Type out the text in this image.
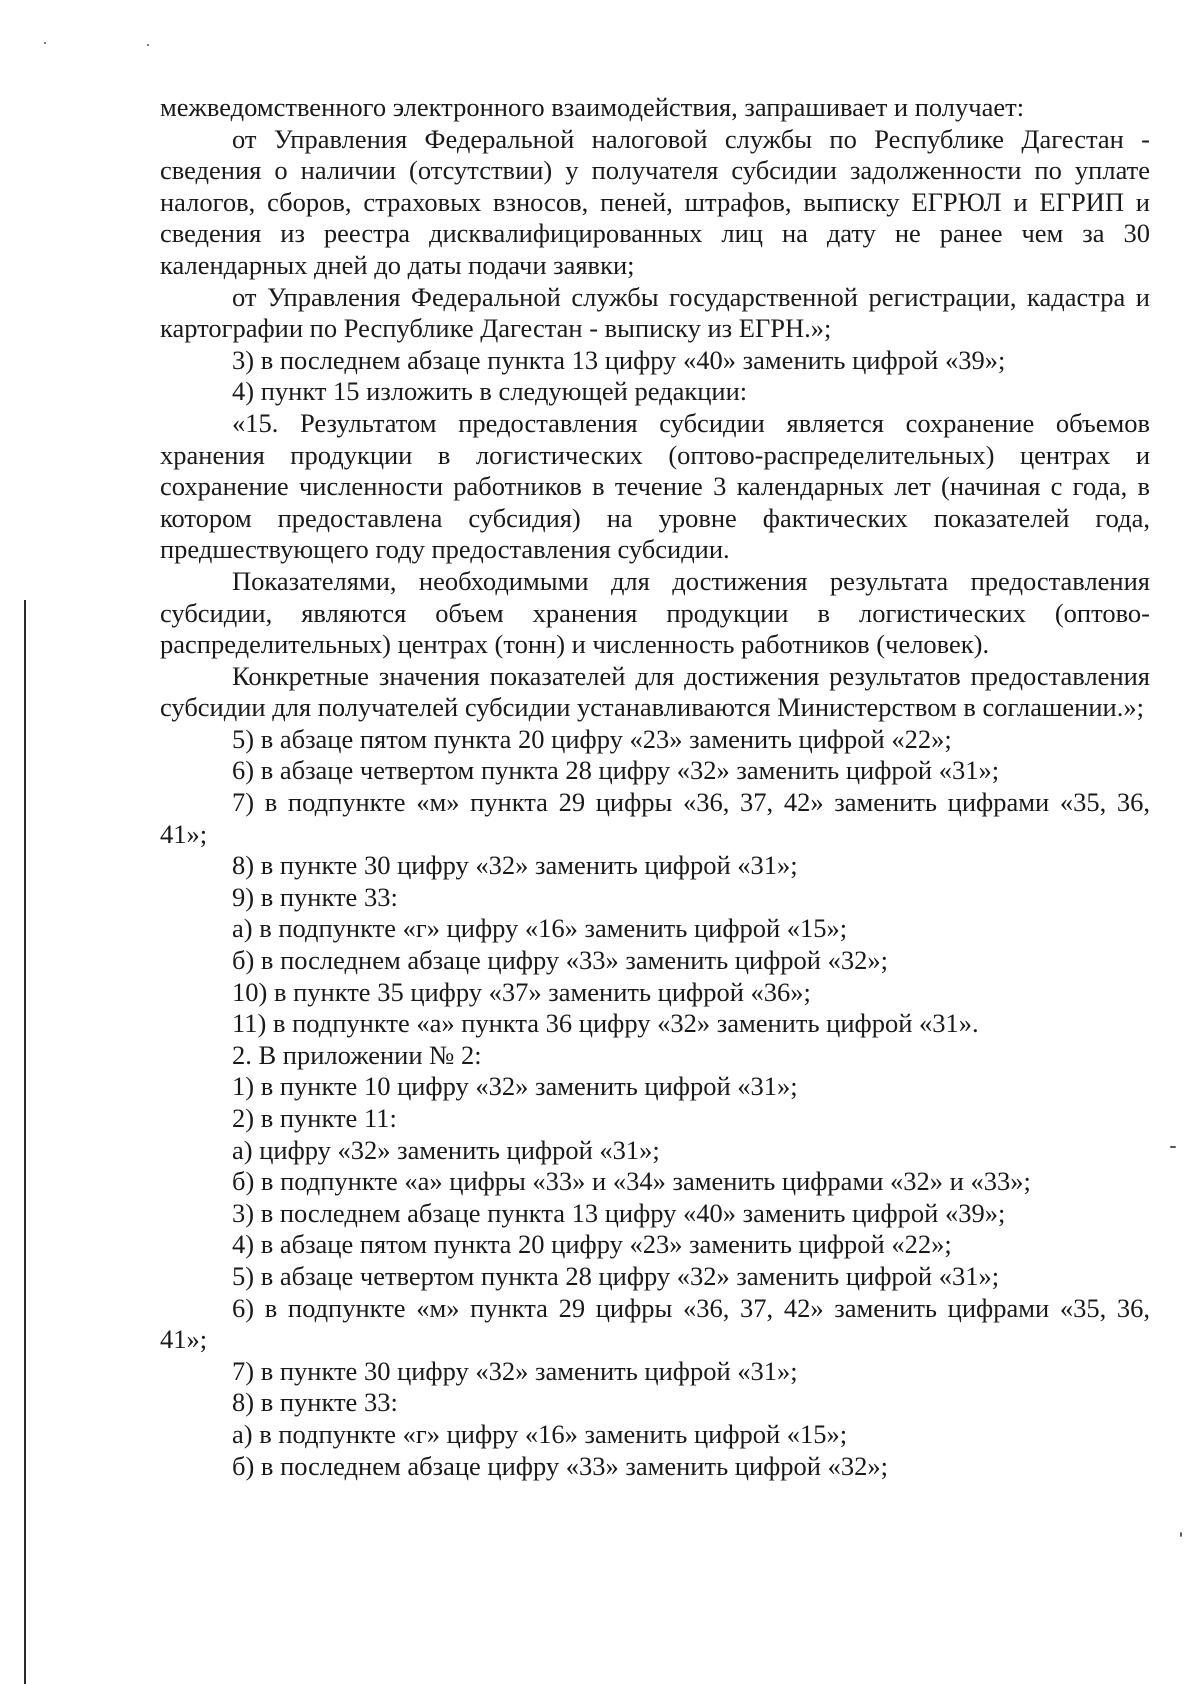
межведомственного электронного взаимодействия, запрашивает и получает:

от Управления Федеральной налоговой службы по Республике Дагестан - сведения о наличии (отсутствии) у получателя субсидии задолженности по уплате налогов, сборов, страховых взносов, пеней, штрафов, выписку ЕГРЮЛ и ЕГРИП и сведения из реестра дисквалифицированных лиц на дату не ранее чем за 30 календарных дней до даты подачи заявки;

от Управления Федеральной службы государственной регистрации, кадастра и картографии по Республике Дагестан - выписку из ЕГРН.»;

3) в последнем абзаце пункта 13 цифру «40» заменить цифрой «39»;

4) пункт 15 изложить в следующей редакции:

«15. Результатом предоставления субсидии является сохранение объемов хранения продукции в логистических (оптово-распределительных) центрах и сохранение численности работников в течение 3 календарных лет (начиная с года, в котором предоставлена субсидия) на уровне фактических показателей года, предшествующего году предоставления субсидии.

Показателями, необходимыми для достижения результата предоставления субсидии, являются объем хранения продукции в логистических (оптово-распределительных) центрах (тонн) и численность работников (человек).

Конкретные значения показателей для достижения результатов предоставления субсидии для получателей субсидии устанавливаются Министерством в соглашении.»;

5) в абзаце пятом пункта 20 цифру «23» заменить цифрой «22»;

6) в абзаце четвертом пункта 28 цифру «32» заменить цифрой «31»;

7) в подпункте «м» пункта 29 цифры «36, 37, 42» заменить цифрами «35, 36, 41»;

8) в пункте 30 цифру «32» заменить цифрой «31»;

9) в пункте 33:

а) в подпункте «г» цифру «16» заменить цифрой «15»;

б) в последнем абзаце цифру «33» заменить цифрой «32»;

10) в пункте 35 цифру «37» заменить цифрой «36»;

11) в подпункте «а» пункта 36 цифру «32» заменить цифрой «31».

2. В приложении № 2:

1) в пункте 10 цифру «32» заменить цифрой «31»;

2) в пункте 11:

а) цифру «32» заменить цифрой «31»;

б) в подпункте «а» цифры «33» и «34» заменить цифрами «32» и «33»;

3) в последнем абзаце пункта 13 цифру «40» заменить цифрой «39»;

4) в абзаце пятом пункта 20 цифру «23» заменить цифрой «22»;

5) в абзаце четвертом пункта 28 цифру «32» заменить цифрой «31»;

6) в подпункте «м» пункта 29 цифры «36, 37, 42» заменить цифрами «35, 36, 41»;

7) в пункте 30 цифру «32» заменить цифрой «31»;

8) в пункте 33:

а) в подпункте «г» цифру «16» заменить цифрой «15»;

б) в последнем абзаце цифру «33» заменить цифрой «32»;
